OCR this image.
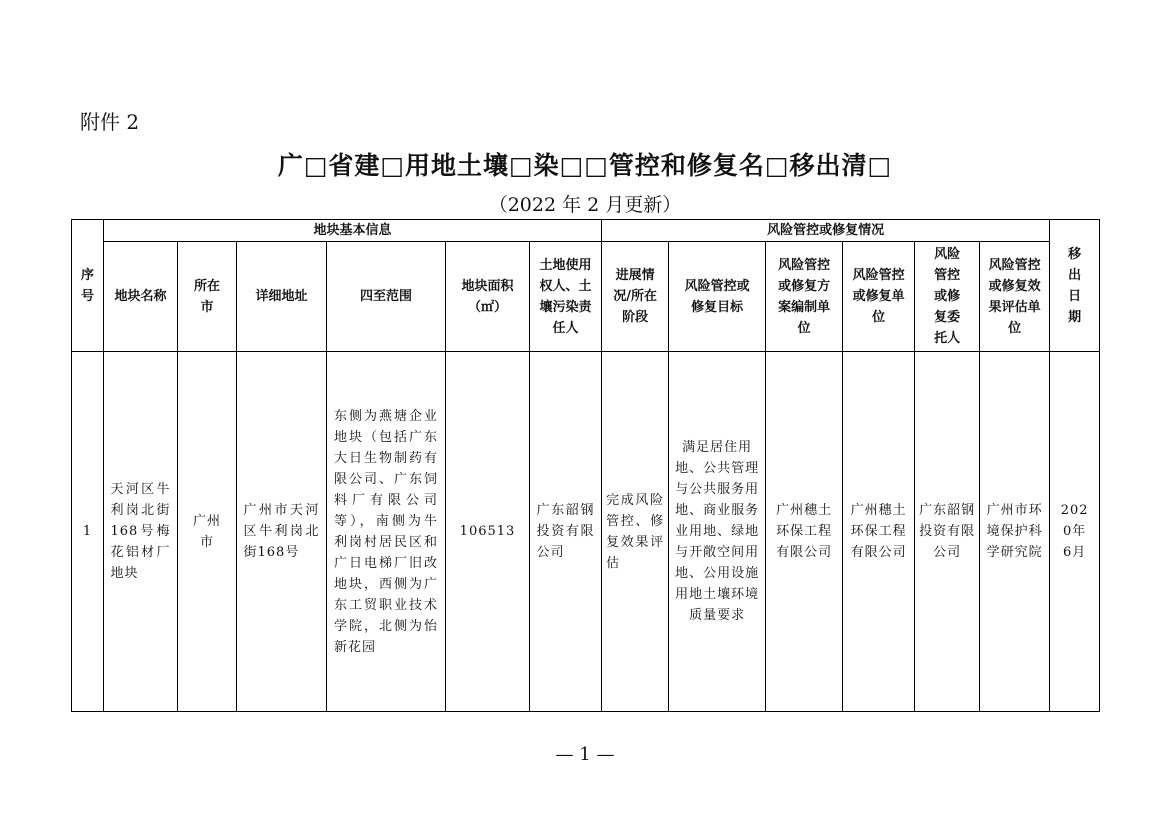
附件 2
广□省建□用地土壤□染□□管控和修复名□移出清□
（2022 年 2 月更新）
序号	地块基本信息						风险管控或修复情况						移出日期

	地块名称	所在市	详细地址	四至范围	地块面积（㎡）	土地使用权人、土壤污染责任人	进展情况/所在阶段	风险管控或修复目标	风险管控或修复方案编制单位	风险管控或修复单位	风险管控或修复委托人	风险管控或修复效果评估单位	

1	天河区牛利岗北街168号梅花铝材厂地块	广州市	广州市天河区牛利岗北街168号	东侧为燕塘企业地块（包括广东大日生物制药有限公司、广东饲料厂有限公司等），南侧为牛利岗村居民区和广日电梯厂旧改地块，西侧为广东工贸职业技术学院，北侧为怡新花园	106513	广东韶钢投资有限公司	完成风险管控、修复效果评估	满足居住用地、公共管理与公共服务用地、商业服务业用地、绿地与开敞空间用地、公用设施用地土壤环境质量要求	广州穗土环保工程有限公司	广州穗土环保工程有限公司	广东韶钢投资有限公司	广州市环境保护科学研究院	2020年6月
— 1 —
